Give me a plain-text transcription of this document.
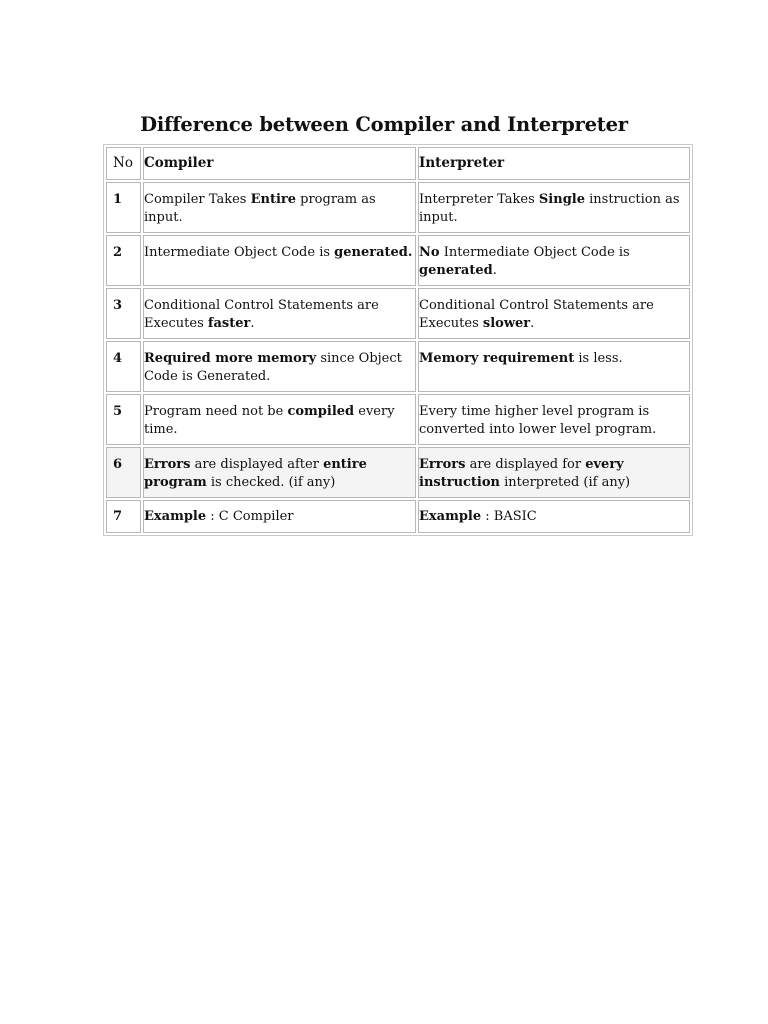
Difference between Compiler and Interpreter
No	Compiler	Interpreter

1	Compiler Takes Entire program as input.	Interpreter Takes Single instruction as input.

2	Intermediate Object Code is generated.	No Intermediate Object Code is generated.

3	Conditional Control Statements are Executes faster.	Conditional Control Statements are Executes slower.

4	Required more memory since Object Code is Generated.	Memory requirement is less.

5	Program need not be compiled every time.	Every time higher level program is converted into lower level program.

6	Errors are displayed after entire program is checked. (if any)	Errors are displayed for every instruction interpreted (if any)

7	Example : C Compiler	Example : BASIC
